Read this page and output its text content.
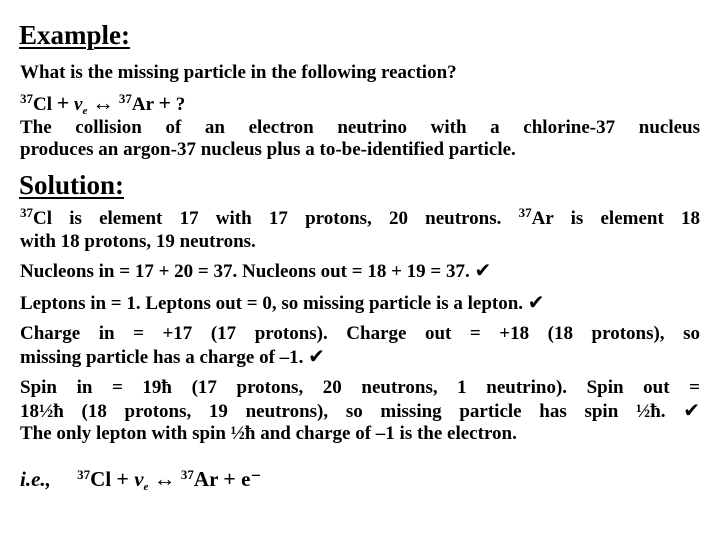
Example:
What is the missing particle in the following reaction?
$^{37}Cl + \nu_e$ ↔ $^{37}$Ar + ?
The collision of an electron neutrino with a chlorine-37 nucleus
produces an argon-37 nucleus plus a to-be-identified particle.
Solution:
$^{37}$Cl is element 17 with 17 protons, 20 neutrons. $^{37}$Ar is element 18
with 18 protons, 19 neutrons.
Nucleons in = 17 + 20 = 37. Nucleons out = 18 + 19 = 37. ✔
Leptons in = 1. Leptons out = 0, so missing particle is a lepton. ✔
Charge in = +17 (17 protons). Charge out = +18 (18 protons), so
missing particle has a charge of –1. ✔
Spin in = 19ħ (17 protons, 20 neutrons, 1 neutrino). Spin out =
18½ħ (18 protons, 19 neutrons), so missing particle has spin ½ħ. ✔
The only lepton with spin ½ħ and charge of –1 is the electron.
i.e., $^{37}Cl + \nu_e$ ↔ $^{37}$Ar + e⁻
